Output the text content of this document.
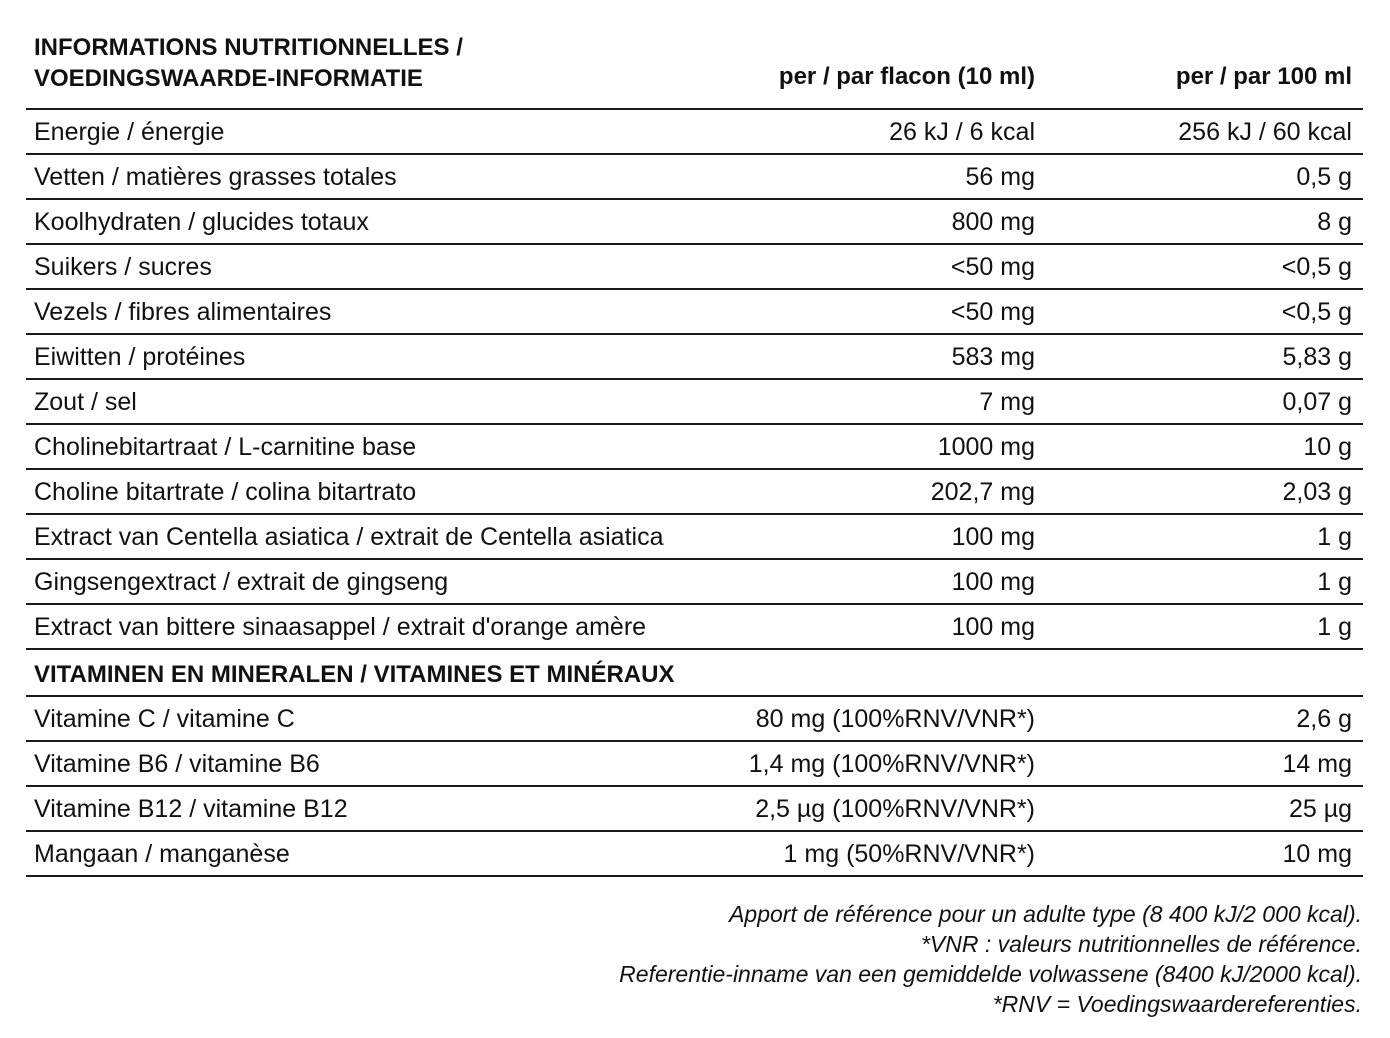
INFORMATIONS NUTRITIONNELLES /
VOEDINGSWAARDE-INFORMATIE	per / par flacon (10 ml)	per / par 100 ml
Energie / énergie	26 kJ / 6 kcal	256 kJ / 60 kcal
Vetten / matières grasses totales	56 mg	0,5 g
Koolhydraten / glucides totaux	800 mg	8 g
Suikers / sucres	<50 mg	<0,5 g
Vezels / fibres alimentaires	<50 mg	<0,5 g
Eiwitten / protéines	583 mg	5,83 g
Zout / sel	7 mg	0,07 g
Cholinebitartraat / L-carnitine base	1000 mg	10 g
Choline bitartrate / colina bitartrato	202,7 mg	2,03 g
Extract van Centella asiatica / extrait de Centella asiatica	100 mg	1 g
Gingsengextract / extrait de gingseng	100 mg	1 g
Extract van bittere sinaasappel / extrait d'orange amère	100 mg	1 g
VITAMINEN EN MINERALEN / VITAMINES ET MINÉRAUX
Vitamine C / vitamine C	80 mg (100%RNV/VNR*)	2,6 g
Vitamine B6 / vitamine B6	1,4 mg (100%RNV/VNR*)	14 mg
Vitamine B12 / vitamine B12	2,5 µg (100%RNV/VNR*)	25 µg
Mangaan / manganèse	1 mg (50%RNV/VNR*)	10 mg
Apport de référence pour un adulte type (8 400 kJ/2 000 kcal).
*VNR : valeurs nutritionnelles de référence.
Referentie-inname van een gemiddelde volwassene (8400 kJ/2000 kcal).
*RNV = Voedingswaardereferenties.
